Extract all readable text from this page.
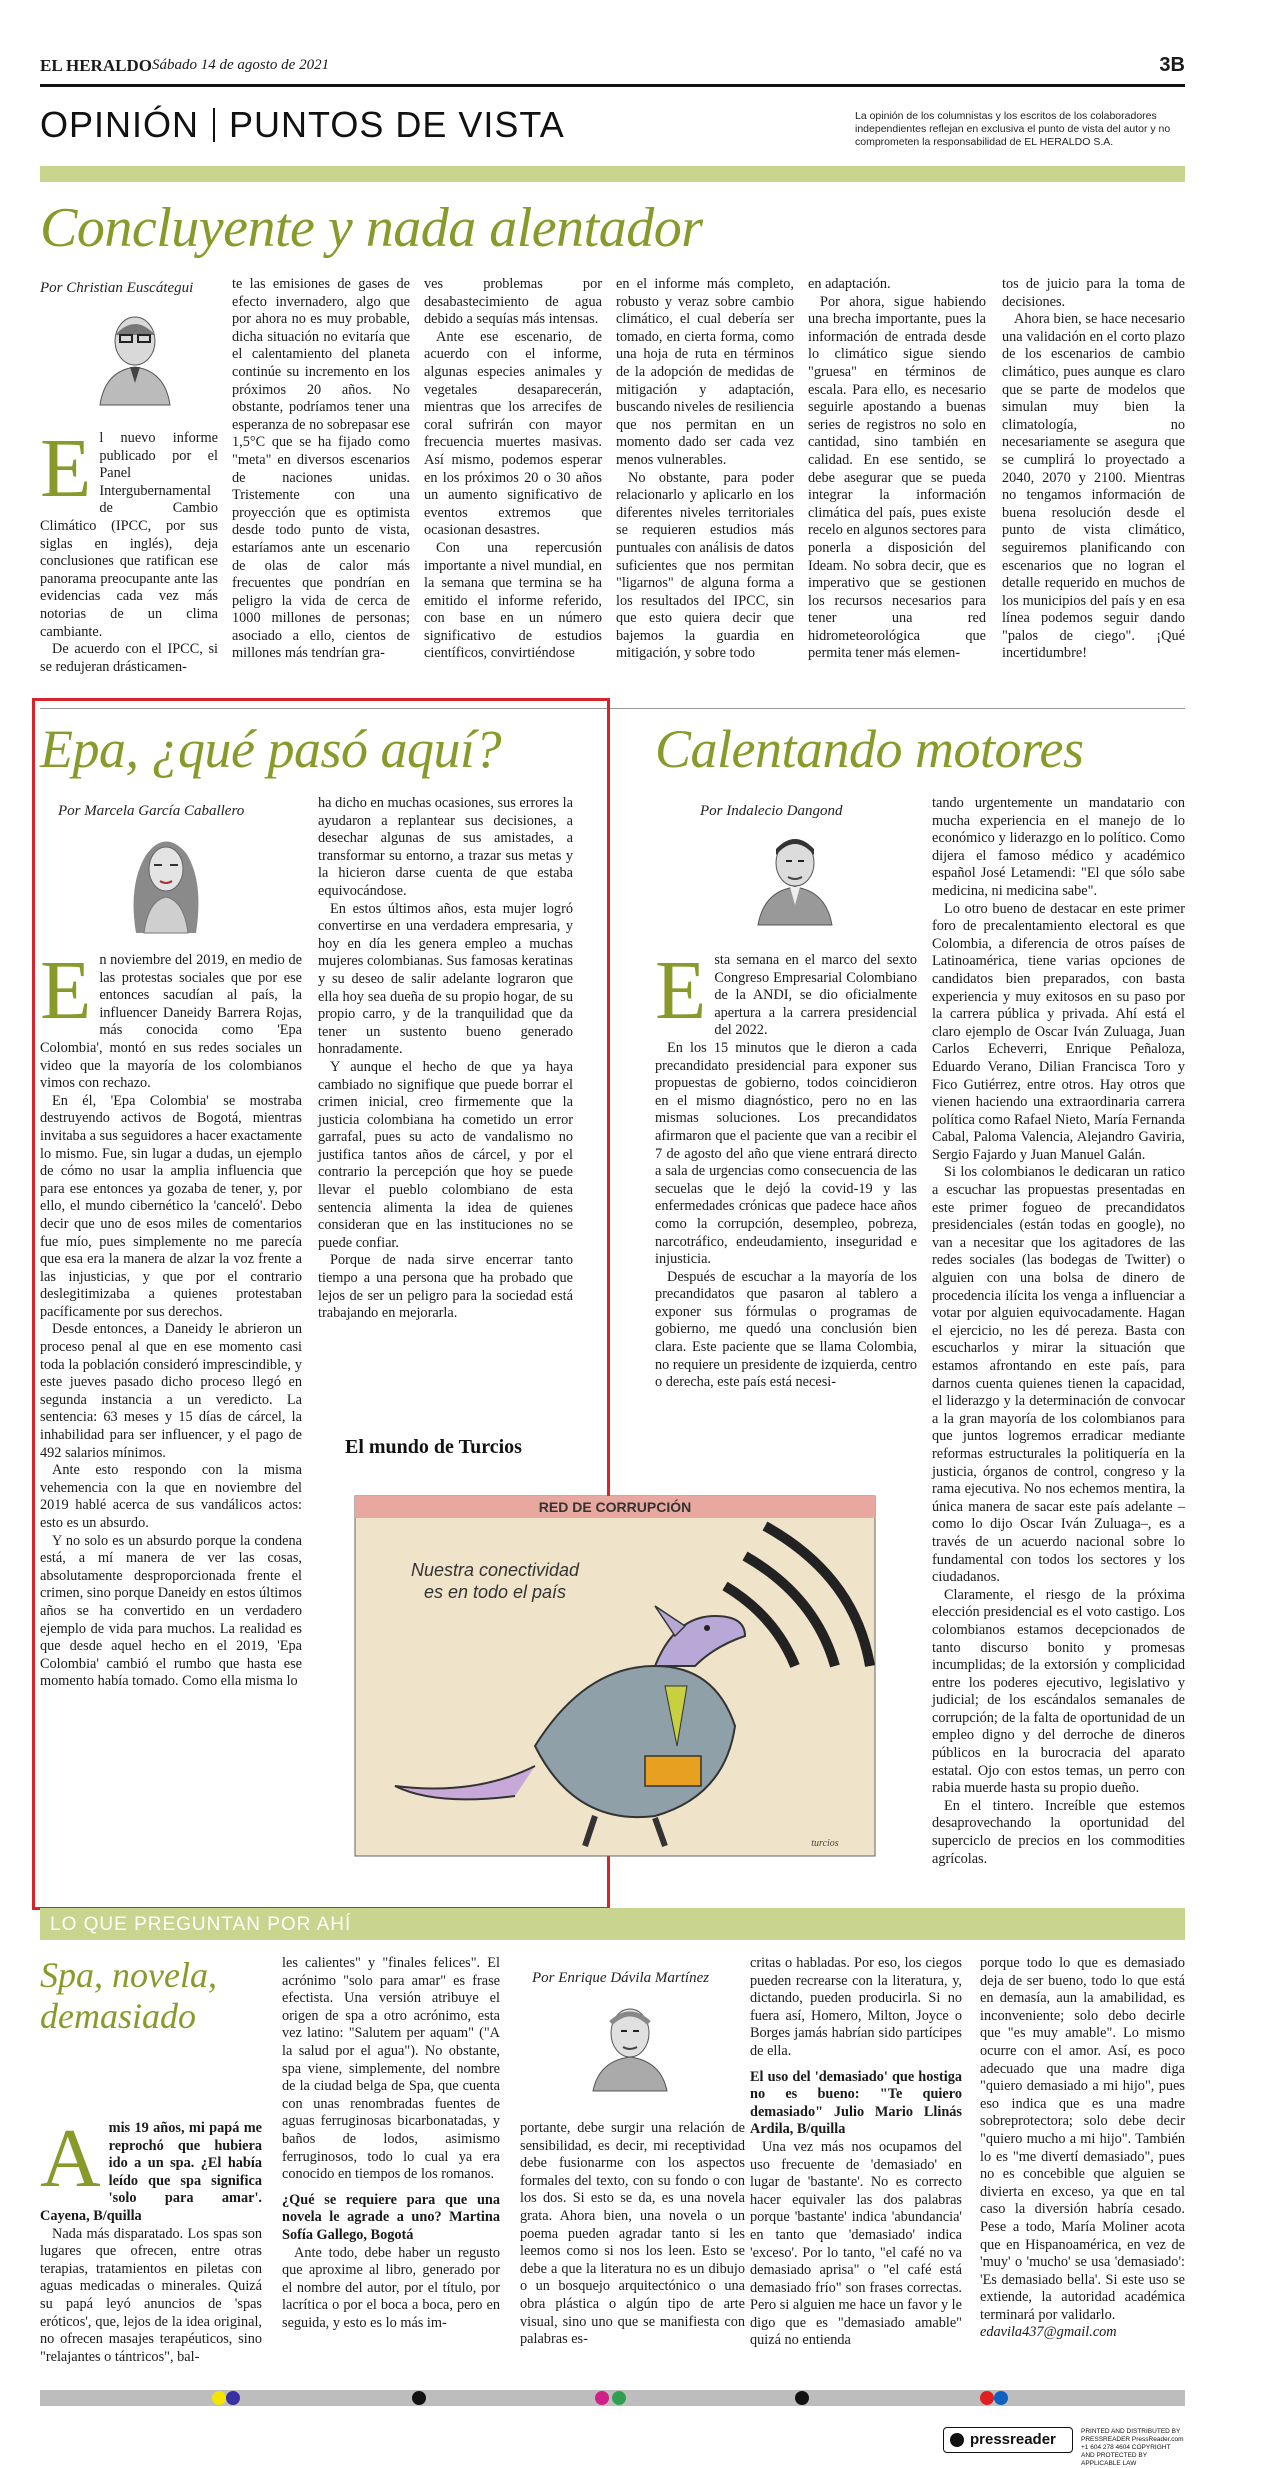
EL HERALDO Sábado 14 de agosto de 2021	3B
OPINIÓN PUNTOS DE VISTA	La opinión de los columnistas y los escritos de los colaboradores independientes reflejan en exclusiva el punto de vista del autor y no comprometen la responsabilidad de EL HERALDO S.A.
Concluyente y nada alentador
Por Christian Euscátegui

El nuevo informe publicado por el Panel Intergubernamental de Cambio Climático (IPCC, por sus siglas en inglés), deja conclusiones que ratifican ese panorama preocupante ante las evidencias cada vez más notorias de un clima cambiante.

De acuerdo con el IPCC, si se redujeran drásticamen-

te las emisiones de gases de efecto invernadero, algo que por ahora no es muy probable, dicha situación no evitaría que el calentamiento del planeta continúe su incremento en los próximos 20 años. No obstante, podríamos tener una esperanza de no sobrepasar ese 1,5°C que se ha fijado como "meta" en diversos escenarios de naciones unidas. Tristemente con una proyección que es optimista desde todo punto de vista, estaríamos ante un escenario de olas de calor más frecuentes que pondrían en peligro la vida de cerca de 1000 millones de personas; asociado a ello, cientos de millones más tendrían gra-

ves problemas por desabastecimiento de agua debido a sequías más intensas.

Ante ese escenario, de acuerdo con el informe, algunas especies animales y vegetales desaparecerán, mientras que los arrecifes de coral sufrirán con mayor frecuencia muertes masivas. Así mismo, podemos esperar en los próximos 20 o 30 años un aumento significativo de eventos extremos que ocasionan desastres.

Con una repercusión importante a nivel mundial, en la semana que termina se ha emitido el informe referido, con base en un número significativo de estudios científicos, convirtiéndose

en el informe más completo, robusto y veraz sobre cambio climático, el cual debería ser tomado, en cierta forma, como una hoja de ruta en términos de la adopción de medidas de mitigación y adaptación, buscando niveles de resiliencia que nos permitan en un momento dado ser cada vez menos vulnerables.

No obstante, para poder relacionarlo y aplicarlo en los diferentes niveles territoriales se requieren estudios más puntuales con análisis de datos suficientes que nos permitan "ligarnos" de alguna forma a los resultados del IPCC, sin que esto quiera decir que bajemos la guardia en mitigación, y sobre todo

en adaptación.

Por ahora, sigue habiendo una brecha importante, pues la información de entrada desde lo climático sigue siendo "gruesa" en términos de escala. Para ello, es necesario seguirle apostando a buenas series de registros no solo en cantidad, sino también en calidad. En ese sentido, se debe asegurar que se pueda integrar la información climática del país, pues existe recelo en algunos sectores para ponerla a disposición del Ideam. No sobra decir, que es imperativo que se gestionen los recursos necesarios para tener una red hidrometeorológica que permita tener más elemen-

tos de juicio para la toma de decisiones.

Ahora bien, se hace necesario una validación en el corto plazo de los escenarios de cambio climático, pues aunque es claro que se parte de modelos que simulan muy bien la climatología, no necesariamente se asegura que se cumplirá lo proyectado a 2040, 2070 y 2100. Mientras no tengamos información de buena resolución desde el punto de vista climático, seguiremos planificando con escenarios que no logran el detalle requerido en muchos de los municipios del país y en esa línea podemos seguir dando "palos de ciego". ¡Qué incertidumbre!

Epa, ¿qué pasó aquí?
Por Marcela García Caballero

En noviembre del 2019, en medio de las protestas sociales que por ese entonces sacudían al país, la influencer Daneidy Barrera Rojas, más conocida como 'Epa Colombia', montó en sus redes sociales un video que la mayoría de los colombianos vimos con rechazo.

En él, 'Epa Colombia' se mostraba destruyendo activos de Bogotá, mientras invitaba a sus seguidores a hacer exactamente lo mismo. Fue, sin lugar a dudas, un ejemplo de cómo no usar la amplia influencia que para ese entonces ya gozaba de tener, y, por ello, el mundo cibernético la 'canceló'. Debo decir que uno de esos miles de comentarios fue mío, pues simplemente no me parecía que esa era la manera de alzar la voz frente a las injusticias, y que por el contrario deslegitimizaba a quienes protestaban pacíficamente por sus derechos.

Desde entonces, a Daneidy le abrieron un proceso penal al que en ese momento casi toda la población consideró imprescindible, y este jueves pasado dicho proceso llegó en segunda instancia a un veredicto. La sentencia: 63 meses y 15 días de cárcel, la inhabilidad para ser influencer, y el pago de 492 salarios mínimos.

Ante esto respondo con la misma vehemencia con la que en noviembre del 2019 hablé acerca de sus vandálicos actos: esto es un absurdo.

Y no solo es un absurdo porque la condena está, a mí manera de ver las cosas, absolutamente desproporcionada frente el crimen, sino porque Daneidy en estos últimos años se ha convertido en un verdadero ejemplo de vida para muchos. La realidad es que desde aquel hecho en el 2019, 'Epa Colombia' cambió el rumbo que hasta ese momento había tomado. Como ella misma lo

ha dicho en muchas ocasiones, sus errores la ayudaron a replantear sus decisiones, a desechar algunas de sus amistades, a transformar su entorno, a trazar sus metas y la hicieron darse cuenta de que estaba equivocándose.

En estos últimos años, esta mujer logró convertirse en una verdadera empresaria, y hoy en día les genera empleo a muchas mujeres colombianas. Sus famosas keratinas y su deseo de salir adelante lograron que ella hoy sea dueña de su propio hogar, de su propio carro, y de la tranquilidad que da tener un sustento bueno generado honradamente.

Y aunque el hecho de que ya haya cambiado no signifique que puede borrar el crimen inicial, creo firmemente que la justicia colombiana ha cometido un error garrafal, pues su acto de vandalismo no justifica tantos años de cárcel, y por el contrario la percepción que hoy se puede llevar el pueblo colombiano de esta sentencia alimenta la idea de quienes consideran que en las instituciones no se puede confiar.

Porque de nada sirve encerrar tanto tiempo a una persona que ha probado que lejos de ser un peligro para la sociedad está trabajando en mejorarla.

El mundo de Turcios
RED DE CORRUPCIÓN
Nuestra conectividad
es en todo el país
turcios
Calentando motores
Por Indalecio Dangond

Esta semana en el marco del sexto Congreso Empresarial Colombiano de la ANDI, se dio oficialmente apertura a la carrera presidencial del 2022.

En los 15 minutos que le dieron a cada precandidato presidencial para exponer sus propuestas de gobierno, todos coincidieron en el mismo diagnóstico, pero no en las mismas soluciones. Los precandidatos afirmaron que el paciente que van a recibir el 7 de agosto del año que viene entrará directo a sala de urgencias como consecuencia de las secuelas que le dejó la covid-19 y las enfermedades crónicas que padece hace años como la corrupción, desempleo, pobreza, narcotráfico, endeudamiento, inseguridad e injusticia.

Después de escuchar a la mayoría de los precandidatos que pasaron al tablero a exponer sus fórmulas o programas de gobierno, me quedó una conclusión bien clara. Este paciente que se llama Colombia, no requiere un presidente de izquierda, centro o derecha, este país está necesi-

tando urgentemente un mandatario con mucha experiencia en el manejo de lo económico y liderazgo en lo político. Como dijera el famoso médico y académico español José Letamendi: "El que sólo sabe medicina, ni medicina sabe".

Lo otro bueno de destacar en este primer foro de precalentamiento electoral es que Colombia, a diferencia de otros países de Latinoamérica, tiene varias opciones de candidatos bien preparados, con basta experiencia y muy exitosos en su paso por la carrera pública y privada. Ahí está el claro ejemplo de Oscar Iván Zuluaga, Juan Carlos Echeverri, Enrique Peñaloza, Eduardo Verano, Dilian Francisca Toro y Fico Gutiérrez, entre otros. Hay otros que vienen haciendo una extraordinaria carrera política como Rafael Nieto, María Fernanda Cabal, Paloma Valencia, Alejandro Gaviria, Sergio Fajardo y Juan Manuel Galán.

Si los colombianos le dedicaran un ratico a escuchar las propuestas presentadas en este primer fogueo de precandidatos presidenciales (están todas en google), no van a necesitar que los agitadores de las redes sociales (las bodegas de Twitter) o alguien con una bolsa de dinero de procedencia ilícita los venga a influenciar a votar por alguien equivocadamente. Hagan el ejercicio, no les dé pereza. Basta con escucharlos y mirar la situación que estamos afrontando en este país, para darnos cuenta quienes tienen la capacidad, el liderazgo y la determinación de convocar a la gran mayoría de los colombianos para que juntos logremos erradicar mediante reformas estructurales la politiquería en la justicia, órganos de control, congreso y la rama ejecutiva. No nos echemos mentira, la única manera de sacar este país adelante –como lo dijo Oscar Iván Zuluaga–, es a través de un acuerdo nacional sobre lo fundamental con todos los sectores y los ciudadanos.

Claramente, el riesgo de la próxima elección presidencial es el voto castigo. Los colombianos estamos decepcionados de tanto discurso bonito y promesas incumplidas; de la extorsión y complicidad entre los poderes ejecutivo, legislativo y judicial; de los escándalos semanales de corrupción; de la falta de oportunidad de un empleo digno y del derroche de dineros públicos en la burocracia del aparato estatal. Ojo con estos temas, un perro con rabia muerde hasta su propio dueño.

En el tintero. Increíble que estemos desaprovechando la oportunidad del superciclo de precios en los commodities agrícolas.

LO QUE PREGUNTAN POR AHÍ
Spa, novela, demasiado
Por Enrique Dávila Martínez

Amis 19 años, mi papá me reprochó que hubiera ido a un spa. ¿El había leído que spa significa 'solo para amar'. Cayena, B/quilla

Nada más disparatado. Los spas son lugares que ofrecen, entre otras terapias, tratamientos en piletas con aguas medicadas o minerales. Quizá su papá leyó anuncios de 'spas eróticos', que, lejos de la idea original, no ofrecen masajes terapéuticos, sino "relajantes o tántricos", bal-

les calientes" y "finales felices". El acrónimo "solo para amar" es frase efectista. Una versión atribuye el origen de spa a otro acrónimo, esta vez latino: "Salutem per aquam" ("A la salud por el agua"). No obstante, spa viene, simplemente, del nombre de la ciudad belga de Spa, que cuenta con unas renombradas fuentes de aguas ferruginosas bicarbonatadas, y baños de lodos, asimismo ferruginosos, todo lo cual ya era conocido en tiempos de los romanos.

¿Qué se requiere para que una novela le agrade a uno? Martina Sofía Gallego, Bogotá

Ante todo, debe haber un regusto que aproxime al libro, generado por el nombre del autor, por el título, por lacrítica o por el boca a boca, pero en seguida, y esto es lo más im-

portante, debe surgir una relación de sensibilidad, es decir, mi receptividad debe fusionarme con los aspectos formales del texto, con su fondo o con los dos. Si esto se da, es una novela grata. Ahora bien, una novela o un poema pueden agradar tanto si les leemos como si nos los leen. Esto se debe a que la literatura no es un dibujo o un bosquejo arquitectónico o una obra plástica o algún tipo de arte visual, sino uno que se manifiesta con palabras es-

critas o habladas. Por eso, los ciegos pueden recrearse con la literatura, y, dictando, pueden producirla. Si no fuera así, Homero, Milton, Joyce o Borges jamás habrían sido partícipes de ella.

El uso del 'demasiado' que hostiga no es bueno: "Te quiero demasiado" Julio Mario Llinás Ardila, B/quilla

Una vez más nos ocupamos del uso frecuente de 'demasiado' en lugar de 'bastante'. No es correcto hacer equivaler las dos palabras porque 'bastante' indica 'abundancia' en tanto que 'demasiado' indica 'exceso'. Por lo tanto, "el café no va demasiado aprisa" o "el café está demasiado frío" son frases correctas. Pero si alguien me hace un favor y le digo que es "demasiado amable" quizá no entienda

porque todo lo que es demasiado deja de ser bueno, todo lo que está en demasía, aun la amabilidad, es inconveniente; solo debo decirle que "es muy amable". Lo mismo ocurre con el amor. Así, es poco adecuado que una madre diga "quiero demasiado a mi hijo", pues eso indica que es una madre sobreprotectora; solo debe decir "quiero mucho a mi hijo". También lo es "me divertí demasiado", pues no es concebible que alguien se divierta en exceso, ya que en tal caso la diversión habría cesado. Pese a todo, María Moliner acota que en Hispanoamérica, en vez de 'muy' o 'mucho' se usa 'demasiado': 'Es demasiado bella'. Si este uso se extiende, la autoridad académica terminará por validarlo.

edavila437@gmail.com

pressreader	PRINTED AND DISTRIBUTED BY PRESSREADER PressReader.com +1 604 278 4604 COPYRIGHT AND PROTECTED BY APPLICABLE LAW
